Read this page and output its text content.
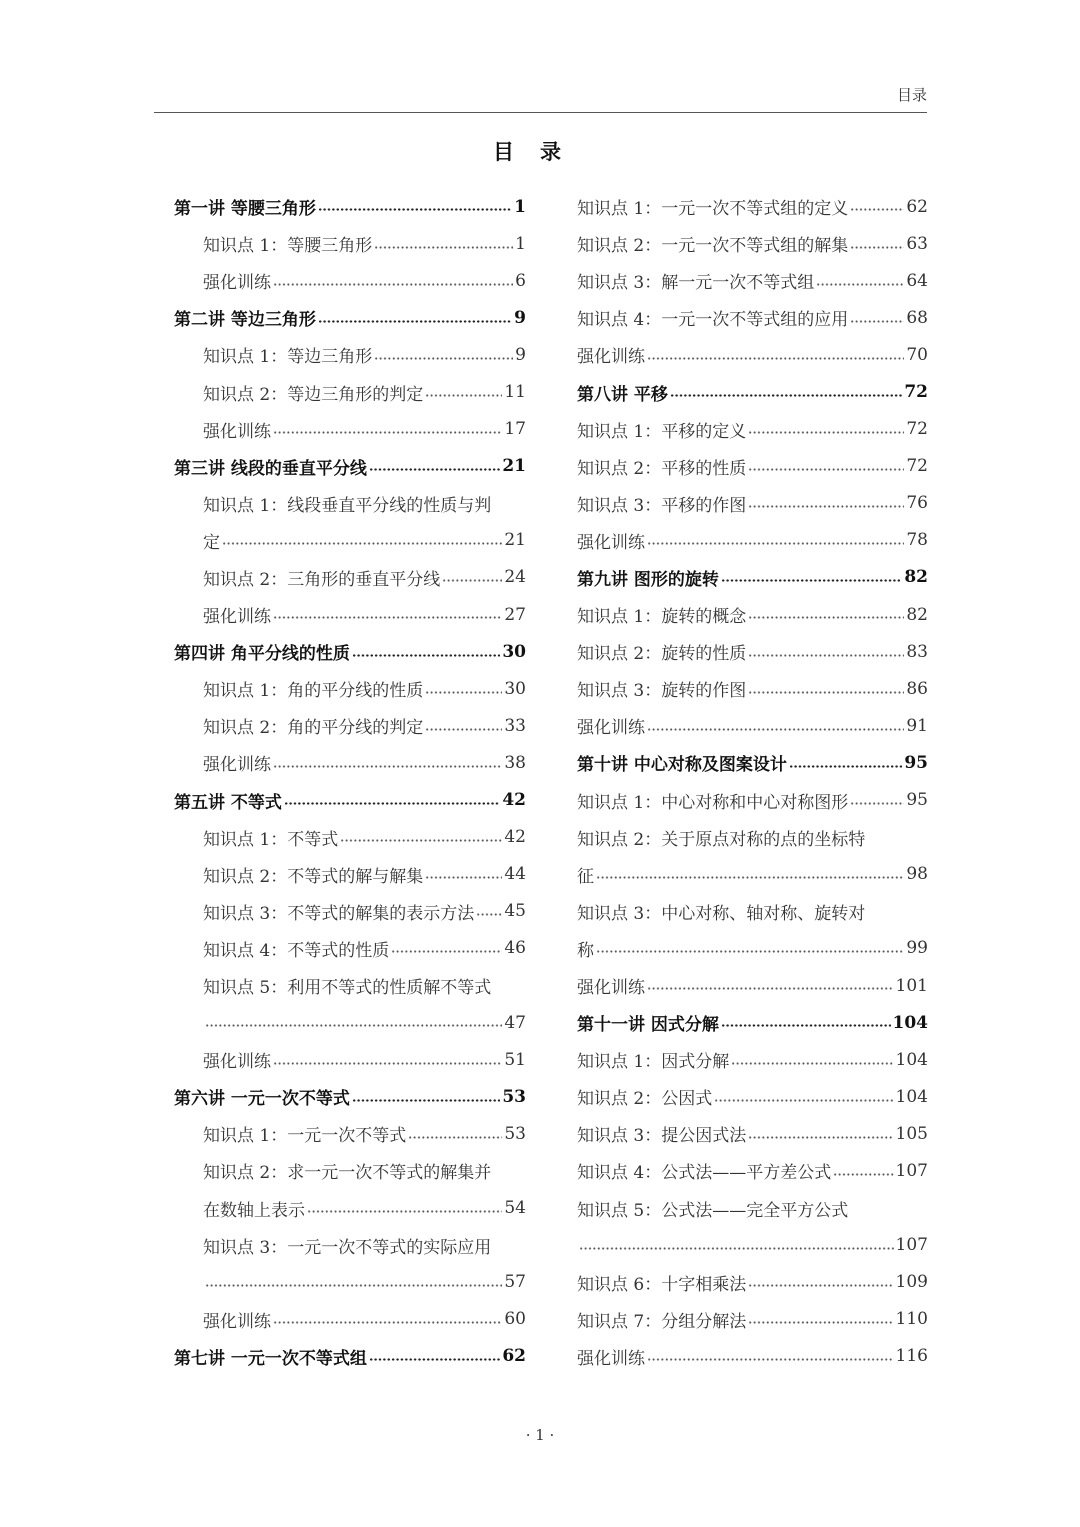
目录
目录
第一讲 等腰三角形	1
知识点 1：等腰三角形	1
强化训练	6
第二讲 等边三角形	9
知识点 1：等边三角形	9
知识点 2：等边三角形的判定	11
强化训练	17
第三讲 线段的垂直平分线	21
知识点 1：线段垂直平分线的性质与判
定	21
知识点 2：三角形的垂直平分线	24
强化训练	27
第四讲 角平分线的性质	30
知识点 1：角的平分线的性质	30
知识点 2：角的平分线的判定	33
强化训练	38
第五讲 不等式	42
知识点 1：不等式	42
知识点 2：不等式的解与解集	44
知识点 3：不等式的解集的表示方法 45
知识点 4：不等式的性质	46
知识点 5：利用不等式的性质解不等式
47
强化训练	51
第六讲 一元一次不等式	53
知识点 1：一元一次不等式	53
知识点 2：求一元一次不等式的解集并
在数轴上表示	54
知识点 3：一元一次不等式的实际应用
57
强化训练	60
第七讲 一元一次不等式组	62
知识点 1：一元一次不等式组的定义	62
知识点 2：一元一次不等式组的解集	63
知识点 3：解一元一次不等式组	64
知识点 4：一元一次不等式组的应用	68
强化训练	70
第八讲 平移	72
知识点 1：平移的定义	72
知识点 2：平移的性质	72
知识点 3：平移的作图	76
强化训练	78
第九讲 图形的旋转	82
知识点 1：旋转的概念	82
知识点 2：旋转的性质	83
知识点 3：旋转的作图	86
强化训练	91
第十讲 中心对称及图案设计	95
知识点 1：中心对称和中心对称图形	95
知识点 2：关于原点对称的点的坐标特
征	98
知识点 3：中心对称、轴对称、旋转对
称	99
强化训练	101
第十一讲 因式分解	104
知识点 1：因式分解	104
知识点 2：公因式	104
知识点 3：提公因式法	105
知识点 4：公式法——平方差公式	107
知识点 5：公式法——完全平方公式
107
知识点 6：十字相乘法	109
知识点 7：分组分解法	110
强化训练	116
· 1 ·
